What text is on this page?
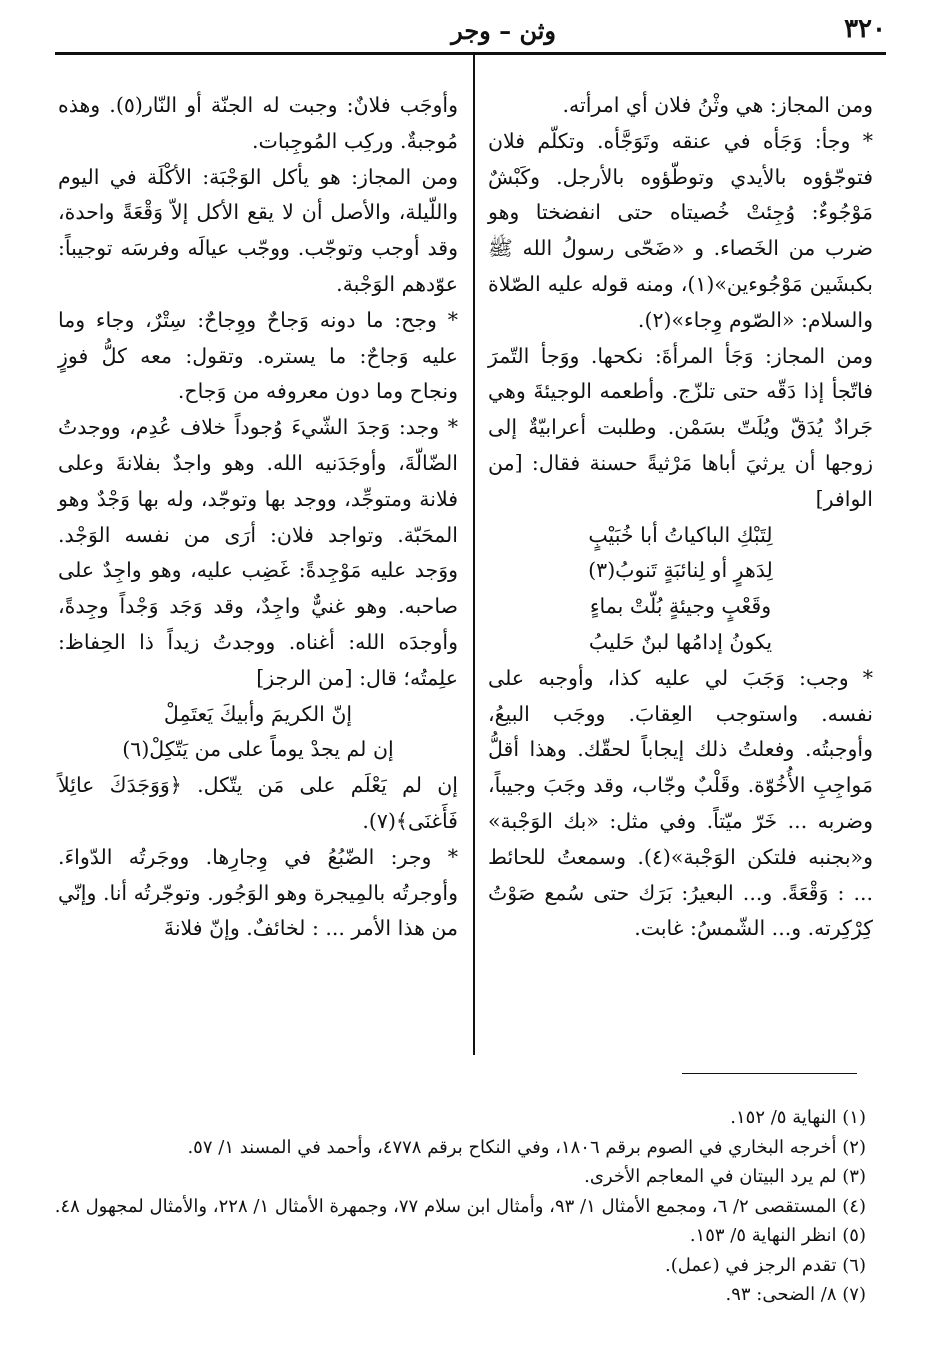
٣٢٠
وثن – وجر

ومن المجاز: هي وثْنُ فلان أي امرأته.

* وجأ: وَجَأه في عنقه وتَوَجَّأه. وتكلّم فلان فتوجّؤوه بالأيدي وتوطّؤوه بالأرجل. وكَبْشٌ مَوْجُوءٌ: وُجِئتْ خُصيتاه حتى انفضختا وهو ضرب من الخَصاء. و «ضَحّى رسولُ الله ﷺ بكبشَين مَوْجُوءين»(١)، ومنه قوله عليه الصّلاة والسلام: «الصّوم وِجاء»(٢).

ومن المجاز: وَجَأ المرأةَ: نكحها. ووَجأ التّمرَ فاتّجأ إذا دَقّه حتى تلزّج. وأطعمه الوجيئةَ وهي جَرادٌ يُدَقّ ويُلَتّ بسَمْن. وطلبت أعرابيّةٌ إلى زوجها أن يرثيَ أباها مَرْثيةً حسنة فقال: [من الوافر]

لِتَبْكِ الباكياتُ أبا خُبَيْبٍ
لِدَهرٍ أو لِنائبَةٍ تَنوبُ(٣)
وقَعْبٍ وجيئةٍ بُلّتْ بماءٍ
يكونُ إدامُها لبنٌ حَليبُ

* وجب: وَجَبَ لي عليه كذا، وأوجبه على نفسه. واستوجب العِقابَ. ووجَب البيعُ، وأوجبتُه. وفعلتُ ذلك إيجاباً لحقّك. وهذا أقلُّ مَواجِبِ الأُخُوّة. وقَلْبٌ وجّاب، وقد وجَبَ وجيباً، وضربه ... خَرّ ميّتاً. وفي مثل: «بك الوَجْبة» و«بجنبه فلتكن الوَجْبة»(٤). وسمعتُ للحائط ... : وَقْعَةً. و... البعيرُ: بَرَك حتى سُمع صَوْتُ كِرْكِرته. و... الشّمسُ: غابت.

وأوجَب فلانٌ: وجبت له الجنّة أو النّار(٥). وهذه مُوجبةٌ. وركِب المُوجِبات.

ومن المجاز: هو يأكل الوَجْبَة: الأكْلَة في اليوم واللّيلة، والأصل أن لا يقع الأكل إلاّ وَقْعَةً واحدة، وقد أوجب وتوجّب. ووجّب عيالَه وفرسَه توجيباً: عوّدهم الوَجْبة.

* وجح: ما دونه وَجاحٌ ووِجاحٌ: سِتْرٌ، وجاء وما عليه وَجاحٌ: ما يستره. وتقول: معه كلُّ فوزٍ ونجاح وما دون معروفه من وَجاح.

* وجد: وَجدَ الشّيءَ وُجوداً خلاف عُدِم، ووجدتُ الضّالّةَ، وأوجَدَنيه الله. وهو واجدٌ بفلانةَ وعلى فلانة ومتوجِّد، ووجد بها وتوجّد، وله بها وَجْدٌ وهو المحَبّة. وتواجد فلان: أرَى من نفسه الوَجْد. ووَجد عليه مَوْجِدةً: غَضِب عليه، وهو واجِدٌ على صاحبه. وهو غنيٌّ واجِدٌ، وقد وَجَد وَجْداً وجِدةً، وأوجدَه الله: أغناه. ووجدتُ زيداً ذا الحِفاظ: علِمتُه؛ قال: [من الرجز]

إنّ الكريمَ وأبيكَ يَعتَمِلْ
إن لم يجدْ يوماً على من يَتّكِلْ(٦)

إن لم يَعْلَم على مَن يتّكل. ﴿وَوَجَدَكَ عائِلاً فَأَغنَى﴾(٧).

* وجر: الضّبُعُ في وِجارِها. ووجَرتُه الدّواءَ. وأوجرتُه بالمِيجرة وهو الوَجُور. وتوجّرتُه أنا. وإنّي من هذا الأمر ... : لخائفٌ. وإنّ فلانةَ

(١) النهاية ٥/ ١٥٢.
(٢) أخرجه البخاري في الصوم برقم ١٨٠٦، وفي النكاح برقم ٤٧٧٨، وأحمد في المسند ١/ ٥٧.
(٣) لم يرد البيتان في المعاجم الأخرى.
(٤) المستقصى ٢/ ٦، ومجمع الأمثال ١/ ٩٣، وأمثال ابن سلام ٧٧، وجمهرة الأمثال ١/ ٢٢٨، والأمثال لمجهول ٤٨.
(٥) انظر النهاية ٥/ ١٥٣.
(٦) تقدم الرجز في (عمل).
(٧) ٨/ الضحى: ٩٣.
